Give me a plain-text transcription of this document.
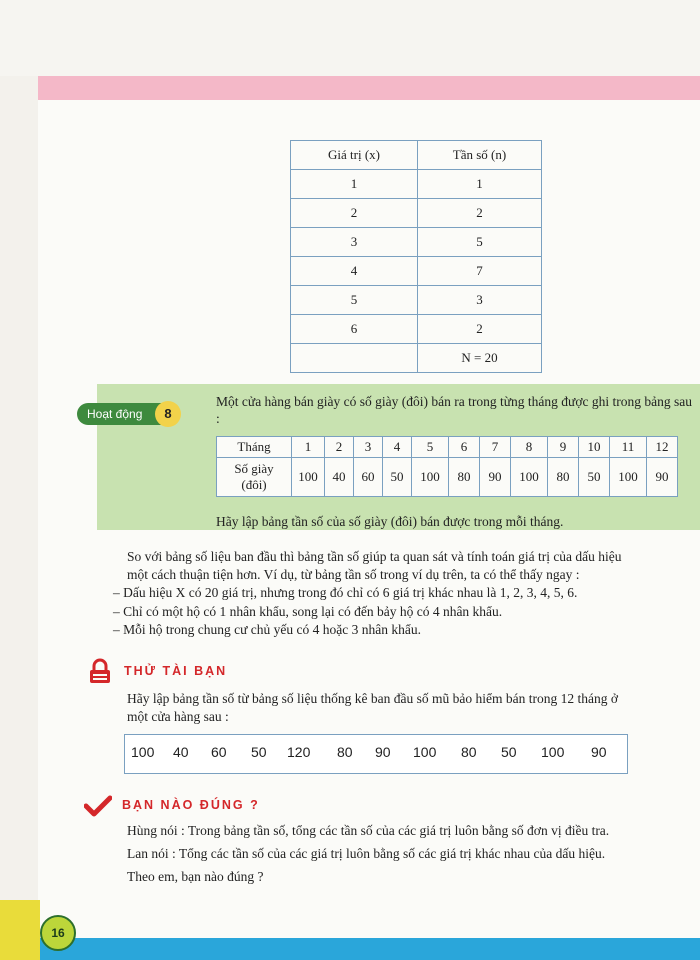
16
Giá trị (x)	Tần số (n)
1	1
2	2
3	5
4	7
5	3
6	2
	N = 20
Hoạt động	8
Một cửa hàng bán giày có số giày (đôi) bán ra trong từng tháng được ghi trong bảng sau :
Tháng	1	2	3	4	5	6	7	8	9	10	11	12

Số giày
(đôi)	100	40	60	50	100	80	90	100	80	50	100	90
Hãy lập bảng tần số của số giày (đôi) bán được trong mỗi tháng.
So với bảng số liệu ban đầu thì bảng tần số giúp ta quan sát và tính toán giá trị của dấu hiệu
một cách thuận tiện hơn. Ví dụ, từ bảng tần số trong ví dụ trên, ta có thể thấy ngay :
– Dấu hiệu X có 20 giá trị, nhưng trong đó chỉ có 6 giá trị khác nhau là 1, 2, 3, 4, 5, 6.
– Chỉ có một hộ có 1 nhân khẩu, song lại có đến bảy hộ có 4 nhân khẩu.
– Mỗi hộ trong chung cư chủ yếu có 4 hoặc 3 nhân khẩu.
THỬ TÀI BẠN
Hãy lập bảng tần số từ bảng số liệu thống kê ban đầu số mũ bảo hiểm bán trong 12 tháng ở
một cửa hàng sau :
100 40 60 50 120 80 90 100 80 50 100 90
BẠN NÀO ĐÚNG ?
Hùng nói : Trong bảng tần số, tổng các tần số của các giá trị luôn bằng số đơn vị điều tra.
Lan nói : Tổng các tần số của các giá trị luôn bằng số các giá trị khác nhau của dấu hiệu.
Theo em, bạn nào đúng ?
